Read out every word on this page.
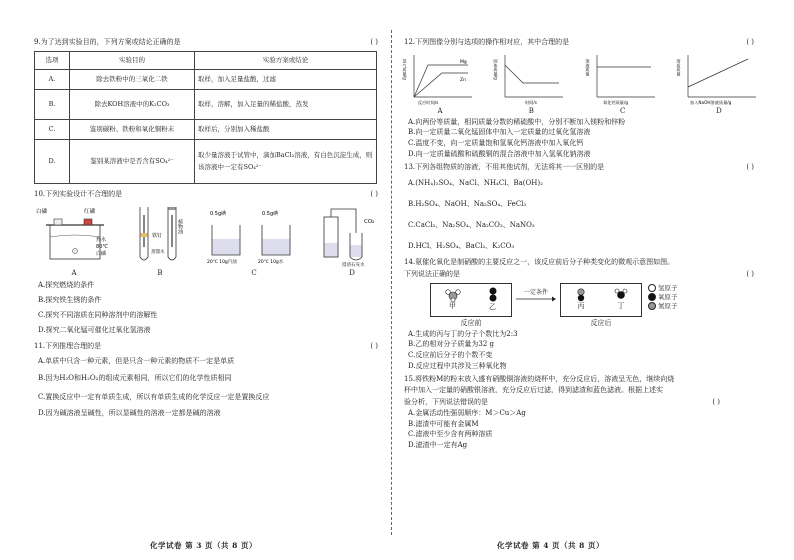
9.为了达到实验目的，下列方案或结论正确的是	( )
选项	实验目的	实验方案或结论
A.	除去铁粉中的三氧化二铁	取样，加入足量盐酸，过滤
B.	除去KOH溶液中的K₂CO₃	取样，溶解，加入足量的稀盐酸，蒸发
C.	鉴别碳粉、铁粉和氧化铜粉末	取样后，分别加入稀盐酸
D.	鉴别某溶液中是否含有SO₄²⁻	取少量溶液于试管中，滴加BaCl₂溶液，有白色沉淀生成，则该溶液中一定有SO₄²⁻
10.下列实验设计不合理的是	( )
白磷	红磷
热水
80℃
白磷
A
植物油
铁钉
蒸馏水
B
0.5g碘
20℃ 10g汽油
0.5g碘
20℃ 10g水
C
CO₂
澄清石灰水
D
A.探究燃烧的条件
B.探究铁生锈的条件
C.探究不同溶质在同种溶剂中的溶解性
D.探究二氧化锰可催化过氧化氢溶液
11.下列推理合理的是	( )
A.单质中只含一种元素，但是只含一种元素的物质不一定是单质
B.因为H₂O和H₂O₂的组成元素相同，所以它们的化学性质相同
C.置换反应中一定有单质生成，所以有单质生成的化学反应一定是置换反应
D.因为碱溶液呈碱性，所以显碱性的溶液一定都是碱的溶液
12.下列图像分别与选项的操作相对应，其中合理的是	( )
氢气质量/g
反应时间/s
Mg
Zn
A
固体质量/g
时间/s
B
溶液质量
氧化钙质量/g
C
溶质质量
加入NaOH溶液质量/g
D
A.向两份等质量，相同质量分数的稀硫酸中，分别不断加入镁粉和锌粉
B.向一定质量二氧化锰固体中加入一定质量的过氧化氢溶液
C.温度不变，向一定质量饱和氢氧化钙溶液中加入氧化钙
D.向一定质量硫酸和硫酸铜的混合溶液中加入氢氧化钠溶液
13.下列各组物质的溶液，不用其他试剂，无法将其一一区别的是	( )
A.(NH₄)₂SO₄、NaCl、NH₄Cl、Ba(OH)₂
B.H₂SO₄、NaOH、Na₂SO₄、FeCl₃
C.CaCl₂、Na₂SO₄、Na₂CO₃、NaNO₃
D.HCl、H₂SO₄、BaCl₂、K₂CO₃
14.氨催化氧化是制硝酸的主要反应之一，该反应前后分子种类变化的微观示意图如图。
下列说法正确的是	( )
甲	乙
反应前
一定条件
丙	丁
反应后
氢原子
氧原子
氮原子
A.生成的丙与丁的分子个数比为2:3
B.乙的相对分子质量为32 g
C.反应前后分子的个数不变
D.反应过程中共涉及三种氧化物
15.将铁粉M的粉末放入盛有硝酸铜溶液的烧杯中，充分反应后，溶液呈无色，继续向烧
杯中加入一定量的硝酸银溶液，充分反应后过滤，得到滤渣和蓝色滤液。根据上述实
验分析，下列说法错误的是	( )
A.金属活动性强弱顺序：M＞Cu＞Ag
B.滤渣中可能有金属M
C.滤液中至少含有两种溶质
D.滤渣中一定有Ag
化学试卷 第 3 页（共 8 页）	化学试卷 第 4 页（共 8 页）
